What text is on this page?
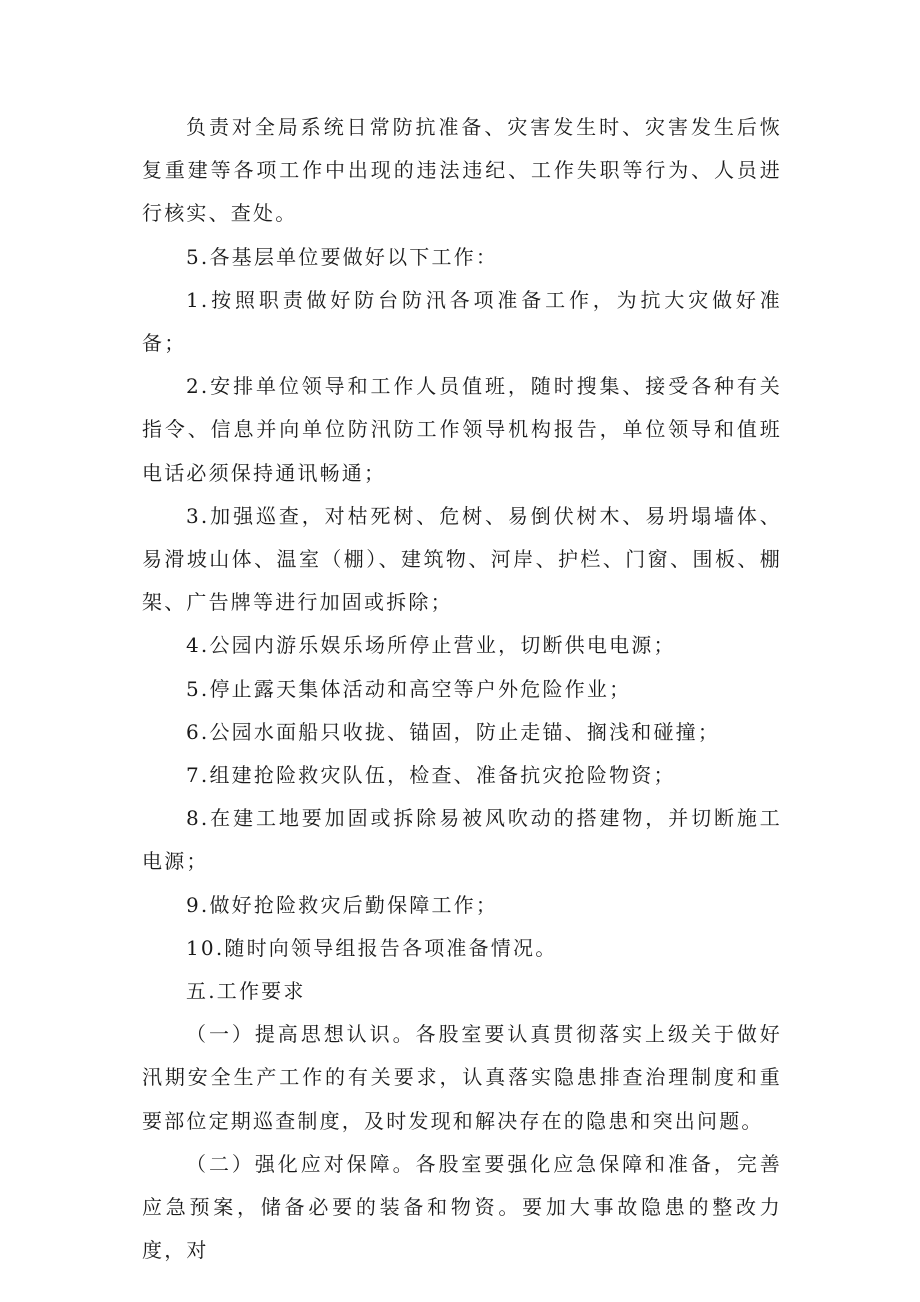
负责对全局系统日常防抗准备、灾害发生时、灾害发生后恢复重建等各项工作中出现的违法违纪、工作失职等行为、人员进行核实、查处。

5.各基层单位要做好以下工作：

1.按照职责做好防台防汛各项准备工作，为抗大灾做好准备；

2.安排单位领导和工作人员值班，随时搜集、接受各种有关指令、信息并向单位防汛防工作领导机构报告，单位领导和值班电话必须保持通讯畅通；

3.加强巡查，对枯死树、危树、易倒伏树木、易坍塌墙体、易滑坡山体、温室（棚）、建筑物、河岸、护栏、门窗、围板、棚架、广告牌等进行加固或拆除；

4.公园内游乐娱乐场所停止营业，切断供电电源；

5.停止露天集体活动和高空等户外危险作业；

6.公园水面船只收拢、锚固，防止走锚、搁浅和碰撞；

7.组建抢险救灾队伍，检查、准备抗灾抢险物资；

8.在建工地要加固或拆除易被风吹动的搭建物，并切断施工电源；

9.做好抢险救灾后勤保障工作；

10.随时向领导组报告各项准备情况。

五.工作要求

（一）提高思想认识。各股室要认真贯彻落实上级关于做好汛期安全生产工作的有关要求，认真落实隐患排查治理制度和重要部位定期巡查制度，及时发现和解决存在的隐患和突出问题。

（二）强化应对保障。各股室要强化应急保障和准备，完善应急预案，储备必要的装备和物资。要加大事故隐患的整改力度，对
